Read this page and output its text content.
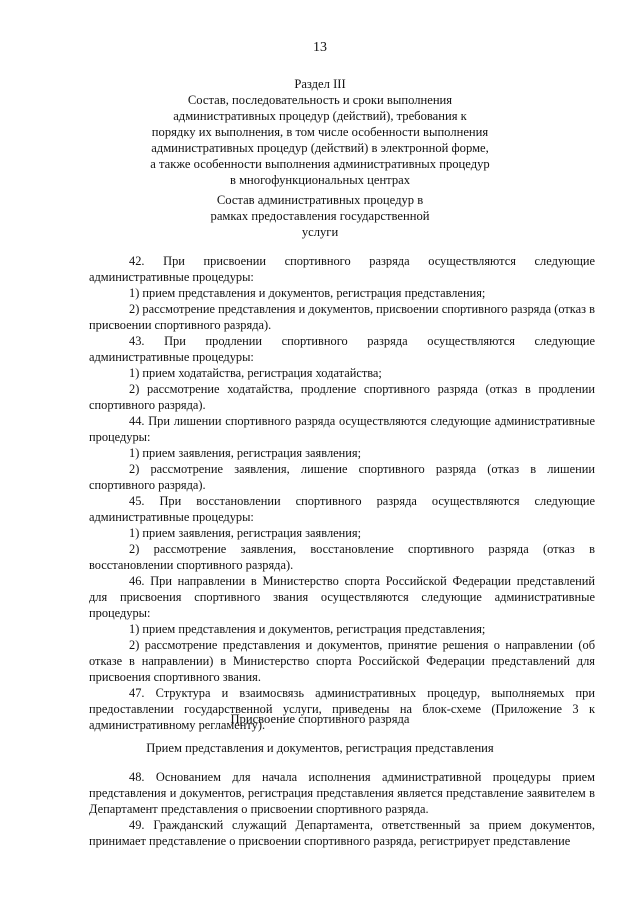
13
Раздел III
Состав, последовательность и сроки выполнения административных процедур (действий), требования к порядку их выполнения, в том числе особенности выполнения административных процедур (действий) в электронной форме, а также особенности выполнения административных процедур в многофункциональных центрах
Состав административных процедур в рамках предоставления государственной услуги

42. При присвоении спортивного разряда осуществляются следующие административные процедуры:

1) прием представления и документов, регистрация представления;

2) рассмотрение представления и документов, присвоении спортивного разряда (отказ в присвоении спортивного разряда).

43. При продлении спортивного разряда осуществляются следующие административные процедуры:

1) прием ходатайства, регистрация ходатайства;

2) рассмотрение ходатайства, продление спортивного разряда (отказ в продлении спортивного разряда).

44. При лишении спортивного разряда осуществляются следующие административные процедуры:

1) прием заявления, регистрация заявления;

2) рассмотрение заявления, лишение спортивного разряда (отказ в лишении спортивного разряда).

45. При восстановлении спортивного разряда осуществляются следующие административные процедуры:

1) прием заявления, регистрация заявления;

2) рассмотрение заявления, восстановление спортивного разряда (отказ в восстановлении спортивного разряда).

46. При направлении в Министерство спорта Российской Федерации представлений для присвоения спортивного звания осуществляются следующие административные процедуры:

1) прием представления и документов, регистрация представления;

2) рассмотрение представления и документов, принятие решения о направлении (об отказе в направлении) в Министерство спорта Российской Федерации представлений для присвоения спортивного звания.

47. Структура и взаимосвязь административных процедур, выполняемых при предоставлении государственной услуги, приведены на блок-схеме (Приложение 3 к административному регламенту).

Присвоение спортивного разряда
Прием представления и документов, регистрация представления

48. Основанием для начала исполнения административной процедуры прием представления и документов, регистрация представления является представление заявителем в Департамент представления о присвоении спортивного разряда.

49. Гражданский служащий Департамента, ответственный за прием документов, принимает представление о присвоении спортивного разряда, регистрирует представление
